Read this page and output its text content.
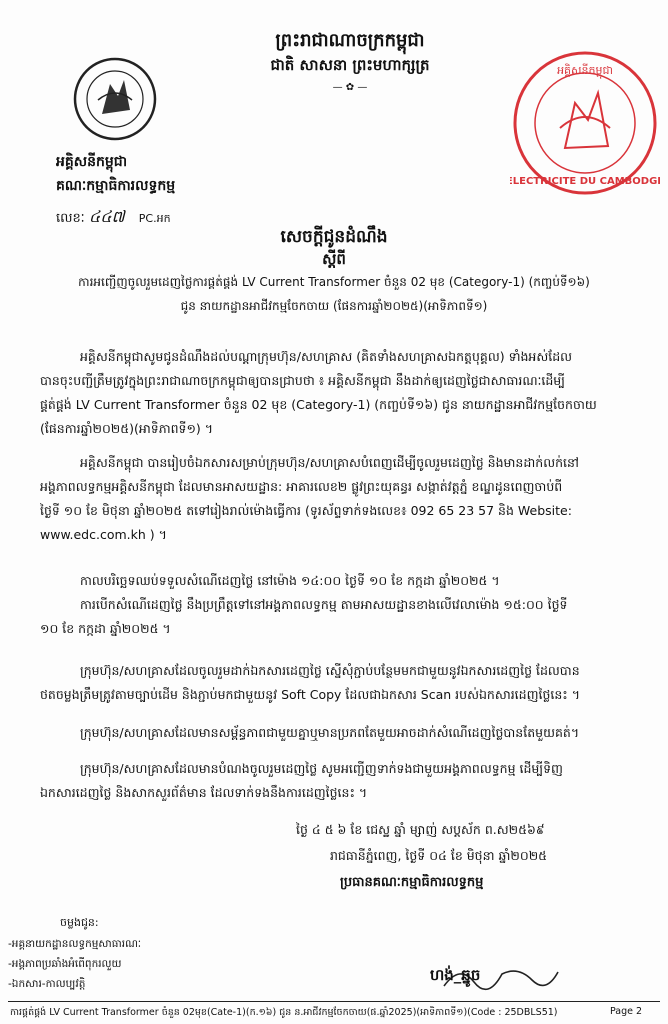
អគ្គិសនីកម្ពុជា
ELECTRICITE DU CAMBODGE
ព្រះរាជាណាចក្រកម្ពុជា
ជាតិ សាសនា ព្រះមហាក្សត្រ
— ✿ —
អគ្គិសនីកម្ពុជា
គណៈកម្មាធិការលទ្ធកម្ម
លេខៈ ៤៤៧ PC.អក
សេចក្តីជូនដំណឹង
ស្តីពី
ការអញ្ជើញចូលរួមដេញថ្លៃការផ្គត់ផ្គង់ LV Current Transformer ចំនួន 02 មុខ (Category-1) (កញ្ចប់ទី១៦)
ជូន នាយកដ្ឋានអាជីវកម្មចែកចាយ (ផែនការឆ្នាំ២០២៥)(អាទិភាពទី១)
អគ្គិសនីកម្ពុជាសូមជូនដំណឹងដល់បណ្តាក្រុមហ៊ុន/សហគ្រាស (គិតទាំងសហគ្រាសឯកត្តបុគ្គល) ទាំងអស់ដែល
បានចុះបញ្ជីត្រឹមត្រូវក្នុងព្រះរាជាណាចក្រកម្ពុជាឲ្យបានជ្រាបថា ៖ អគ្គិសនីកម្ពុជា នឹងដាក់ឲ្យដេញថ្លៃជាសាធារណៈដើម្បី
ផ្គត់ផ្គង់ LV Current Transformer ចំនួន 02 មុខ (Category-1) (កញ្ចប់ទី១៦) ជូន នាយកដ្ឋានអាជីវកម្មចែកចាយ
(ផែនការឆ្នាំ២០២៥)(អាទិភាពទី១) ។
អគ្គិសនីកម្ពុជា បានរៀបចំឯកសារសម្រាប់ក្រុមហ៊ុន/សហគ្រាសបំពេញដើម្បីចូលរួមដេញថ្លៃ និងមានដាក់លក់នៅ
អង្គភាពលទ្ធកម្មអគ្គិសនីកម្ពុជា ដែលមានអាសយដ្ឋាន: អាគារលេខ២ ផ្លូវព្រះយុគន្ធរ សង្កាត់វត្តភ្នំ ខណ្ឌដូនពេញចាប់ពី
ថ្ងៃទី ១០ ខែ មិថុនា ឆ្នាំ២០២៥ តទៅរៀងរាល់ម៉ោងធ្វើការ (ទូរស័ព្ទទាក់ទងលេខ៖ 092 65 23 57 និង Website:
www.edc.com.kh ) ។
កាលបរិច្ឆេទឈប់ទទួលសំណើដេញថ្លៃ នៅម៉ោង ១៤:០០ ថ្ងៃទី ១០ ខែ កក្កដា ឆ្នាំ២០២៥ ។
ការបើកសំណើដេញថ្លៃ នឹងប្រព្រឹត្តទៅនៅអង្គភាពលទ្ធកម្ម តាមអាសយដ្ឋានខាងលើវេលាម៉ោង ១៥:០០ ថ្ងៃទី
១០ ខែ កក្កដា ឆ្នាំ២០២៥ ។
ក្រុមហ៊ុន/សហគ្រាសដែលចូលរួមដាក់ឯកសារដេញថ្លៃ ស្នើសុំភ្ជាប់បន្ថែមមកជាមួយនូវឯកសារដេញថ្លៃ ដែលបាន
ថតចម្លងត្រឹមត្រូវតាមច្បាប់ដើម និងភ្ជាប់មកជាមួយនូវ Soft Copy ដែលជាឯកសារ Scan របស់ឯកសារដេញថ្លៃនេះ ។
ក្រុមហ៊ុន/សហគ្រាសដែលមានសម្ព័ន្ធភាពជាមួយគ្នាឬមានប្រភពតែមួយអាចដាក់សំណើដេញថ្លៃបានតែមួយគត់។
ក្រុមហ៊ុន/សហគ្រាសដែលមានបំណងចូលរួមដេញថ្លៃ សូមអញ្ជើញទាក់ទងជាមួយអង្គភាពលទ្ធកម្ម ដើម្បីទិញ
ឯកសារដេញថ្លៃ និងសាកសួរព័ត៌មាន ដែលទាក់ទងនឹងការដេញថ្លៃនេះ ។
ថ្ងៃ ៤ ៥ ៦ ខែ ជេស្ឋ ឆ្នាំ ម្សាញ់ សប្តស័ក ព.ស២៥៦៩
រាជធានីភ្នំពេញ, ថ្ងៃទី ០៤ ខែ មិថុនា ឆ្នាំ២០២៥
ប្រធានគណៈកម្មាធិការលទ្ធកម្ម
ចម្លងជូន:
-អគ្គនាយកដ្ឋានលទ្ធកម្មសាធារណៈ
-អង្គភាពប្រឆាំងអំពើពុករលួយ
-ឯកសារ-កាលប្បវត្តិ	ហង់_ឆ្នូច
ការផ្គត់ផ្គង់ LV Current Transformer ចំនួន 02មុខ(Cate-1)(ក.១៦) ជូន ន.អាជីវកម្មចែកចាយ(ផ.ឆ្នាំ2025)(អាទិភាពទី១)(Code : 25DBLS51)	Page 2
